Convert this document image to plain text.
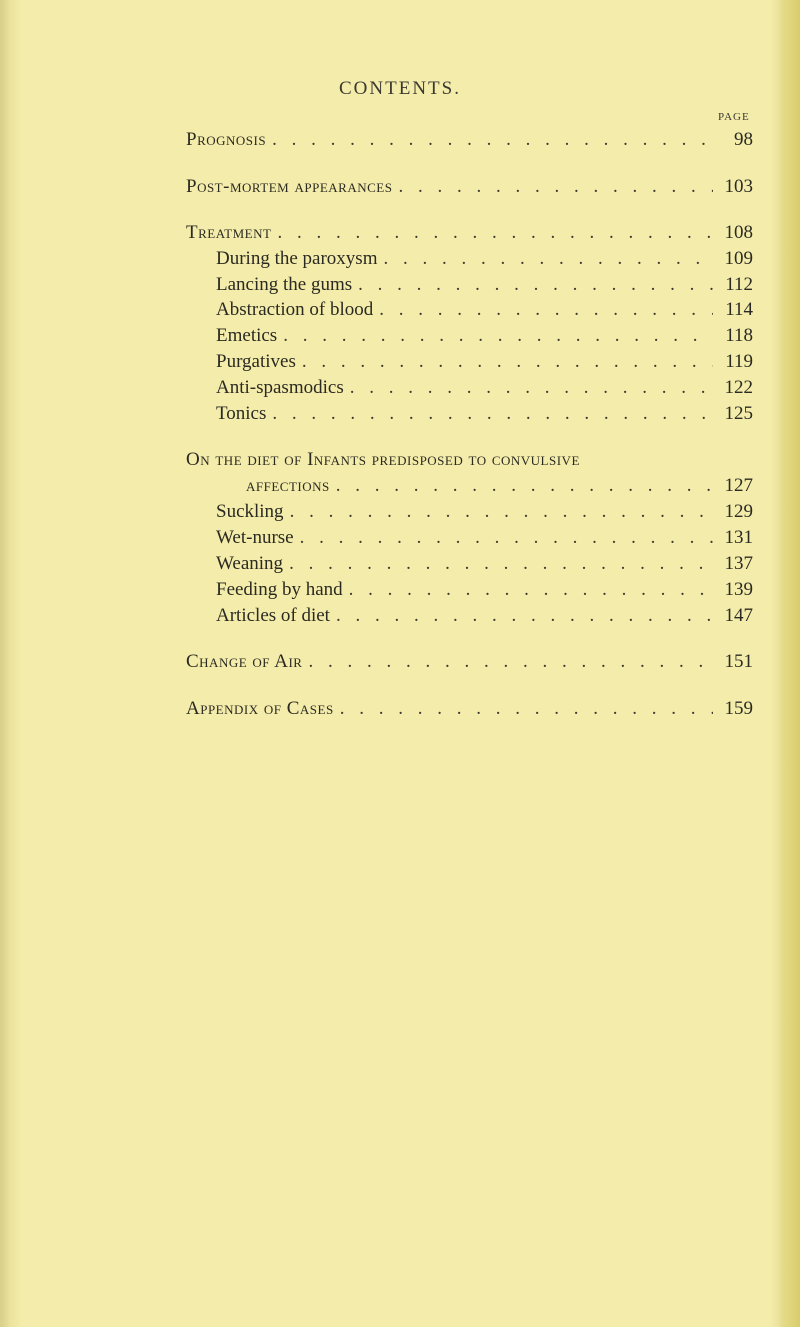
CONTENTS.
PAGE
Prognosis . . .	98
Post-mortem appearances . . .	103
Treatment . . .	108
During the paroxysm . . .	109
Lancing the gums . . .	112
Abstraction of blood . . .	114
Emetics . . .	118
Purgatives . . .	119
Anti-spasmodics . . .	122
Tonics . . .	125
On the diet of Infants predisposed to convulsive
affections . . .	127
Suckling . . .	129
Wet-nurse . . .	131
Weaning . . .	137
Feeding by hand . . .	139
Articles of diet . . .	147
Change of Air . . .	151
Appendix of Cases . . .	159
